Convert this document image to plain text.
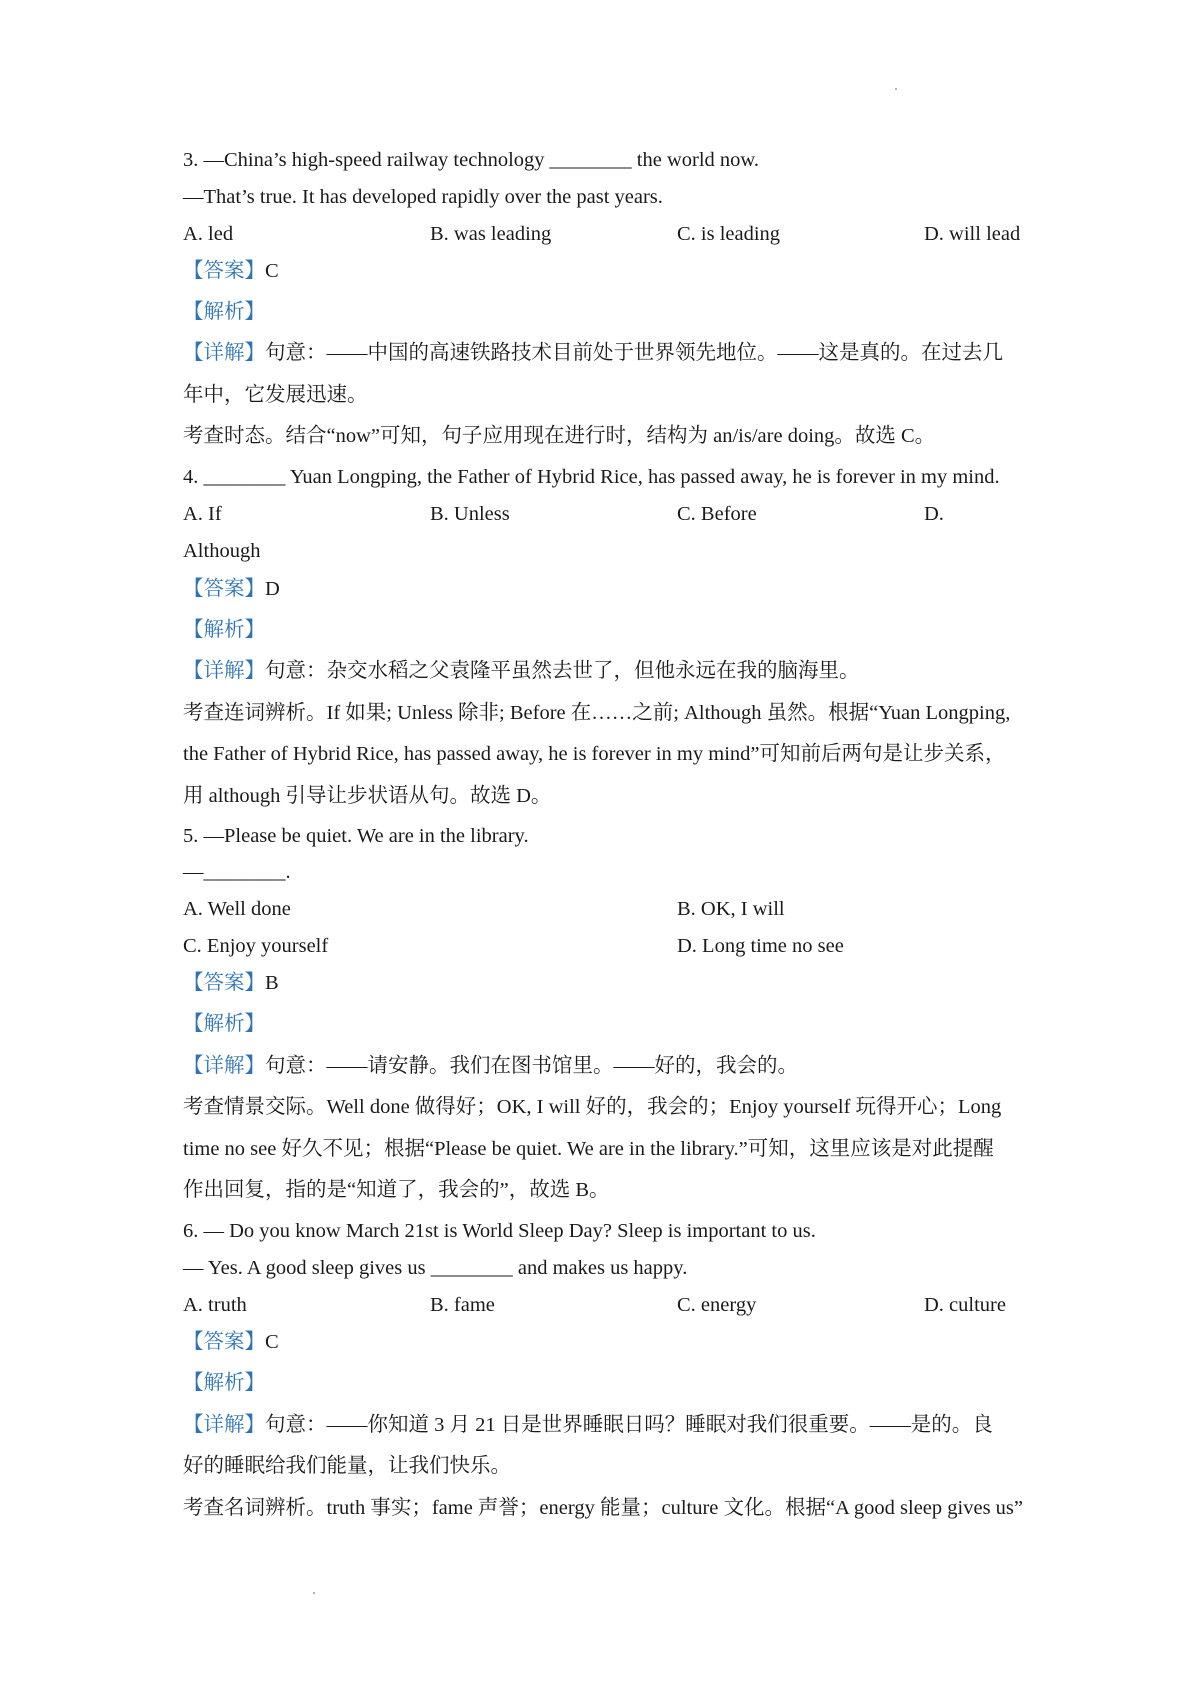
3. —China’s high-speed railway technology ________ the world now.
—That’s true. It has developed rapidly over the past years.
A. led	B. was leading	C. is leading	D. will lead
【答案】C
【解析】
【详解】句意：——中国的高速铁路技术目前处于世界领先地位。——这是真的。在过去几
年中，它发展迅速。
考查时态。结合“now”可知，句子应用现在进行时，结构为 an/is/are doing。故选 C。
4. ________ Yuan Longping, the Father of Hybrid Rice, has passed away, he is forever in my mind.
A. If	B. Unless	C. Before	D.
Although
【答案】D
【解析】
【详解】句意：杂交水稻之父袁隆平虽然去世了，但他永远在我的脑海里。
考查连词辨析。If 如果; Unless 除非; Before 在……之前; Although 虽然。根据“Yuan Longping,
the Father of Hybrid Rice, has passed away, he is forever in my mind”可知前后两句是让步关系，
用 although 引导让步状语从句。故选 D。
5. —Please be quiet. We are in the library.
—________.
A. Well done	B. OK, I will
C. Enjoy yourself	D. Long time no see
【答案】B
【解析】
【详解】句意：——请安静。我们在图书馆里。——好的，我会的。
考查情景交际。Well done 做得好；OK, I will 好的，我会的；Enjoy yourself 玩得开心；Long
time no see 好久不见；根据“Please be quiet. We are in the library.”可知，这里应该是对此提醒
作出回复，指的是“知道了，我会的”，故选 B。
6. — Do you know March 21st is World Sleep Day? Sleep is important to us.
— Yes. A good sleep gives us ________ and makes us happy.
A. truth	B. fame	C. energy	D. culture
【答案】C
【解析】
【详解】句意：——你知道 3 月 21 日是世界睡眠日吗？睡眠对我们很重要。——是的。良
好的睡眠给我们能量，让我们快乐。
考查名词辨析。truth 事实；fame 声誉；energy 能量；culture 文化。根据“A good sleep gives us”
